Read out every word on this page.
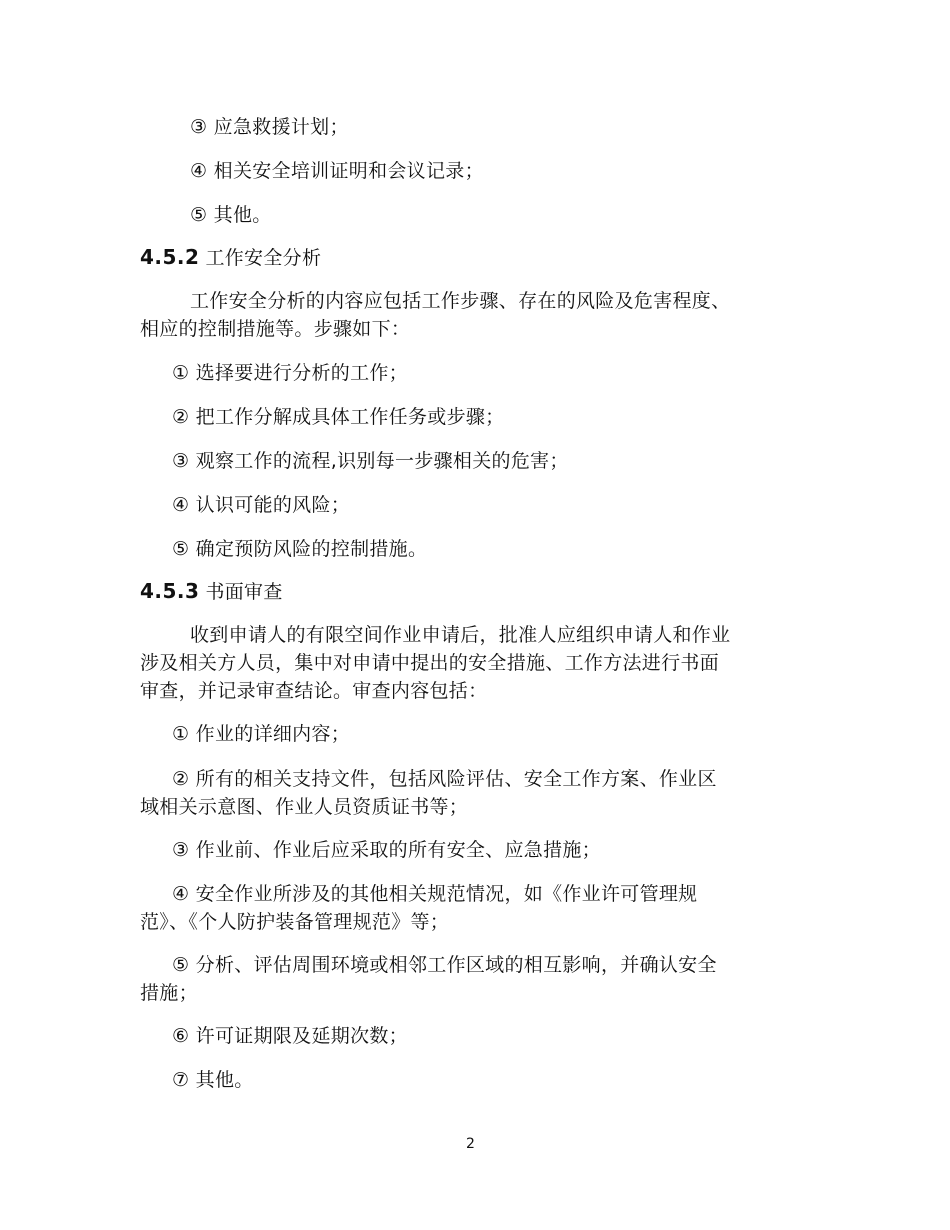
③ 应急救援计划；
④ 相关安全培训证明和会议记录；
⑤ 其他。
4.5.2 工作安全分析
工作安全分析的内容应包括工作步骤、存在的风险及危害程度、
相应的控制措施等。步骤如下：
① 选择要进行分析的工作；
② 把工作分解成具体工作任务或步骤；
③ 观察工作的流程,识别每一步骤相关的危害；
④ 认识可能的风险；
⑤ 确定预防风险的控制措施。
4.5.3 书面审查
收到申请人的有限空间作业申请后，批准人应组织申请人和作业
涉及相关方人员，集中对申请中提出的安全措施、工作方法进行书面
审查，并记录审查结论。审查内容包括：
① 作业的详细内容；
② 所有的相关支持文件，包括风险评估、安全工作方案、作业区
域相关示意图、作业人员资质证书等；
③ 作业前、作业后应采取的所有安全、应急措施；
④ 安全作业所涉及的其他相关规范情况，如《作业许可管理规
范》、《个人防护装备管理规范》等；
⑤ 分析、评估周围环境或相邻工作区域的相互影响，并确认安全
措施；
⑥ 许可证期限及延期次数；
⑦ 其他。
2
